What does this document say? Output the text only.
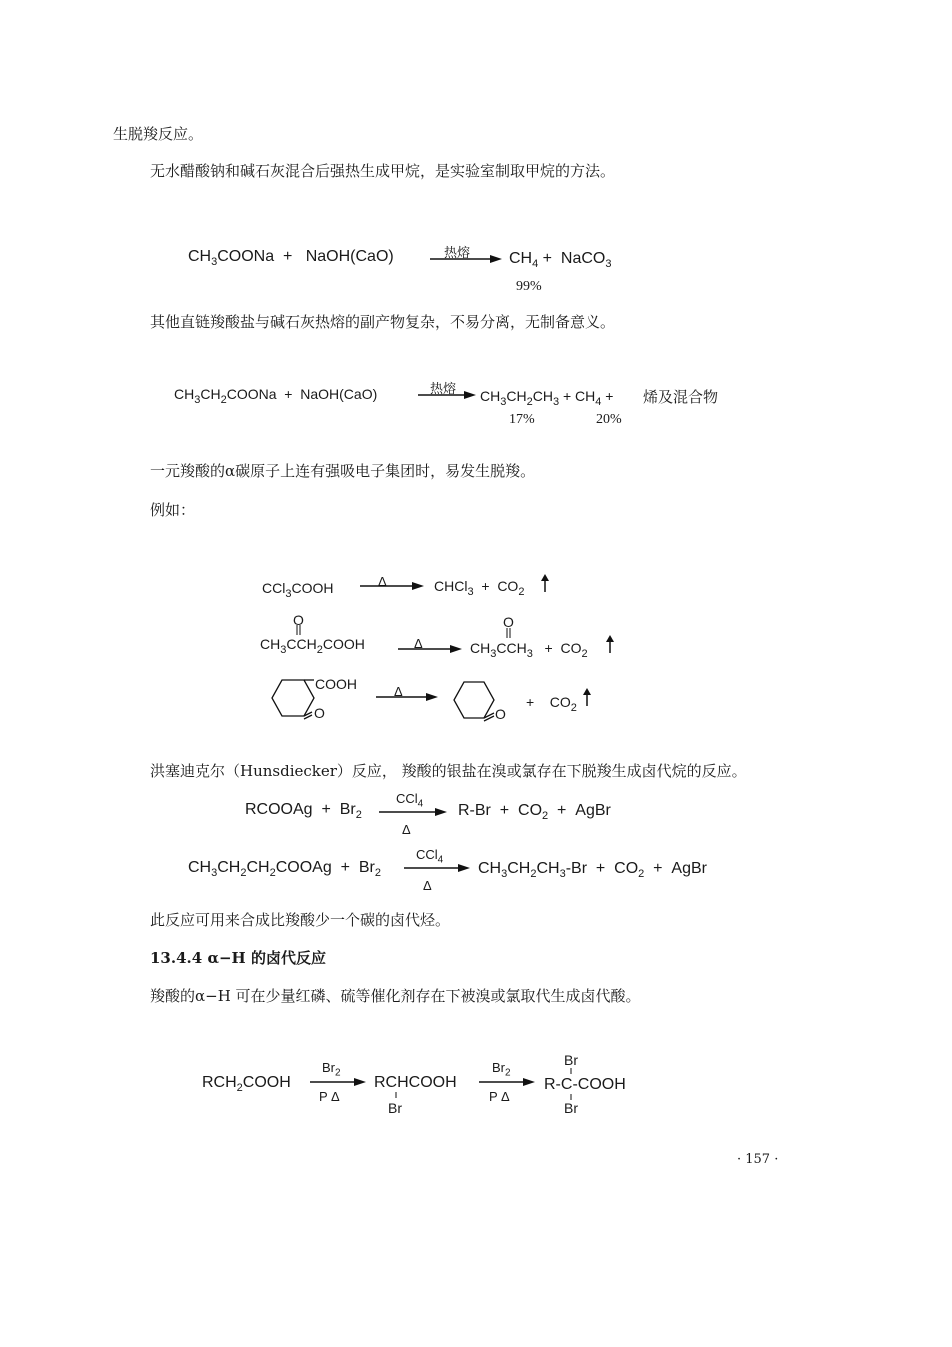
生脱羧反应。
无水醋酸钠和碱石灰混合后强热生成甲烷，是实验室制取甲烷的方法。
$CH_3COONa$  +   NaOH(CaO)	热熔 $CH_4$ +  NaCO$_3$
99%
其他直链羧酸盐与碱石灰热熔的副产物复杂，不易分离，无制备意义。
$CH_3CH_2COONa$  +  NaOH(CaO)	热熔 → $CH_3CH_2CH_3 + CH_4$ + 烯及混合物
17%	20%
一元羧酸的α碳原子上连有强吸电子集团时，易发生脱羧。
例如：
CCl$_3$COOH	Δ → CHCl$_3$  +  $CO_2$
O
$CH_3CCH_2COOH$	Δ
O
$CH_3CCH_3 + CO_2$
COOH
O
Δ
O
+    $CO_2$
洪塞迪克尔（Hunsdiecker）反应， 羧酸的银盐在溴或氯存在下脱羧生成卤代烷的反应。
RCOOAg  +  $Br_2$
CCl$_4$
Δ
$R-Br + CO_2$  +  AgBr
$CH_3CH_2CH_2COOAg + Br_2$
CCl$_4$
Δ
$CH_3CH_2CH_3-Br + CO_2$  +  AgBr
此反应可用来合成比羧酸少一个碳的卤代烃。
13.4.4 α−H 的卤代反应
羧酸的α−H 可在少量红磷、硫等催化剂存在下被溴或氯取代生成卤代酸。
$RCH_2COOH$
$Br_2$
P Δ
RCHCOOH
Br
$Br_2$
P Δ
Br
R-C-COOH
Br
· 157 ·
